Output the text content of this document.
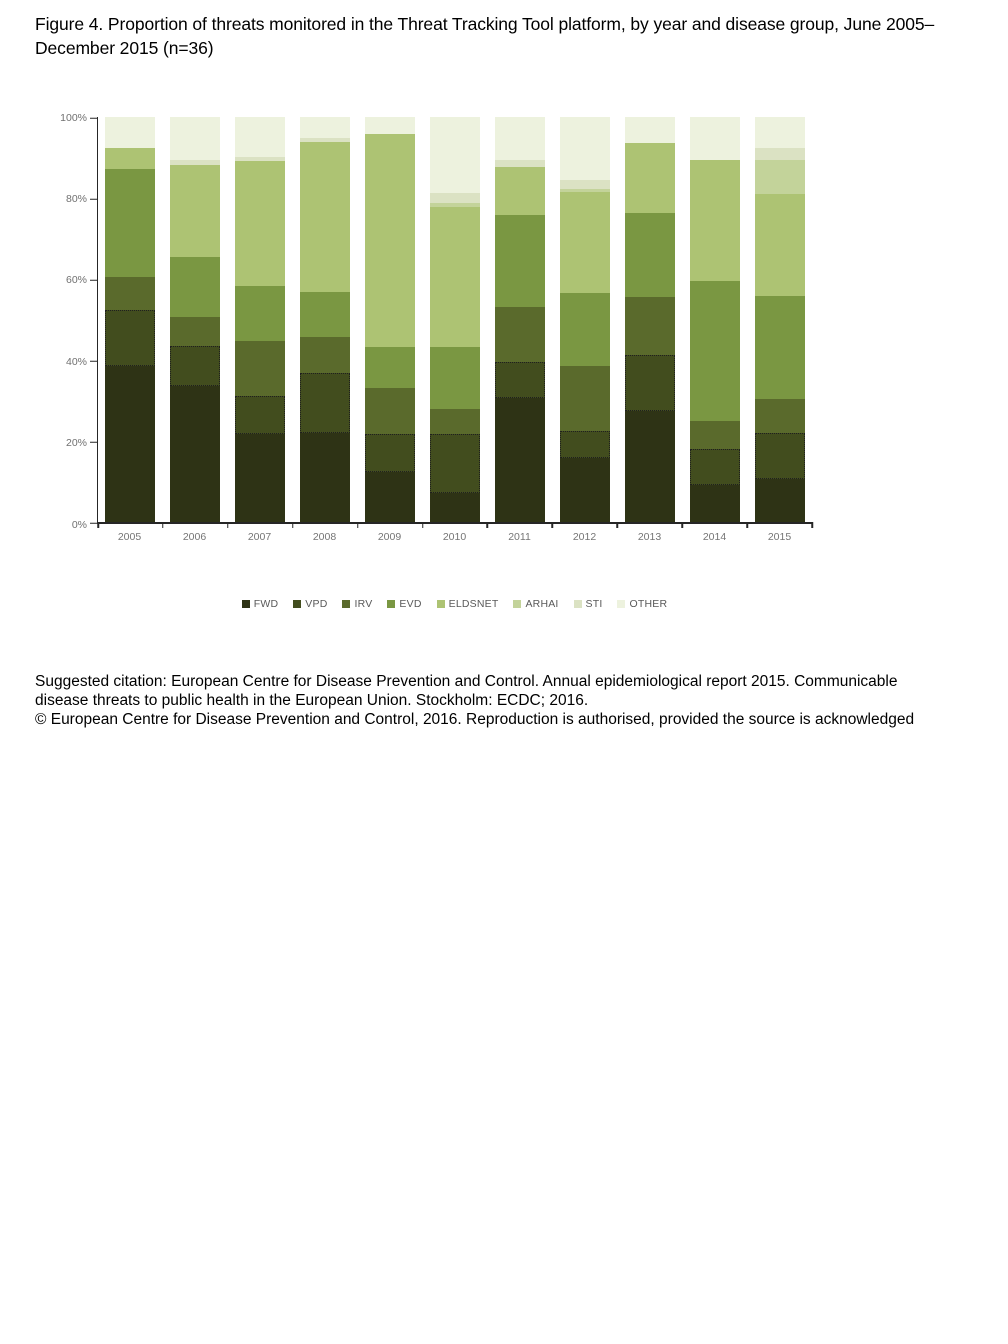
Figure 4. Proportion of threats monitored in the Threat Tracking Tool platform, by year and disease group, June 2005–December 2015 (n=36)
0%
20%
40%
60%
80%
100%
2005	2006	2007	2008	2009	2010	2011	2012	2013	2014	2015
FWD	VPD	IRV	EVD	ELDSNET	ARHAI	STI	OTHER

Suggested citation: European Centre for Disease Prevention and Control. Annual epidemiological report 2015. Communicable disease threats to public health in the European Union. Stockholm: ECDC; 2016.

© European Centre for Disease Prevention and Control, 2016. Reproduction is authorised, provided the source is acknowledged
